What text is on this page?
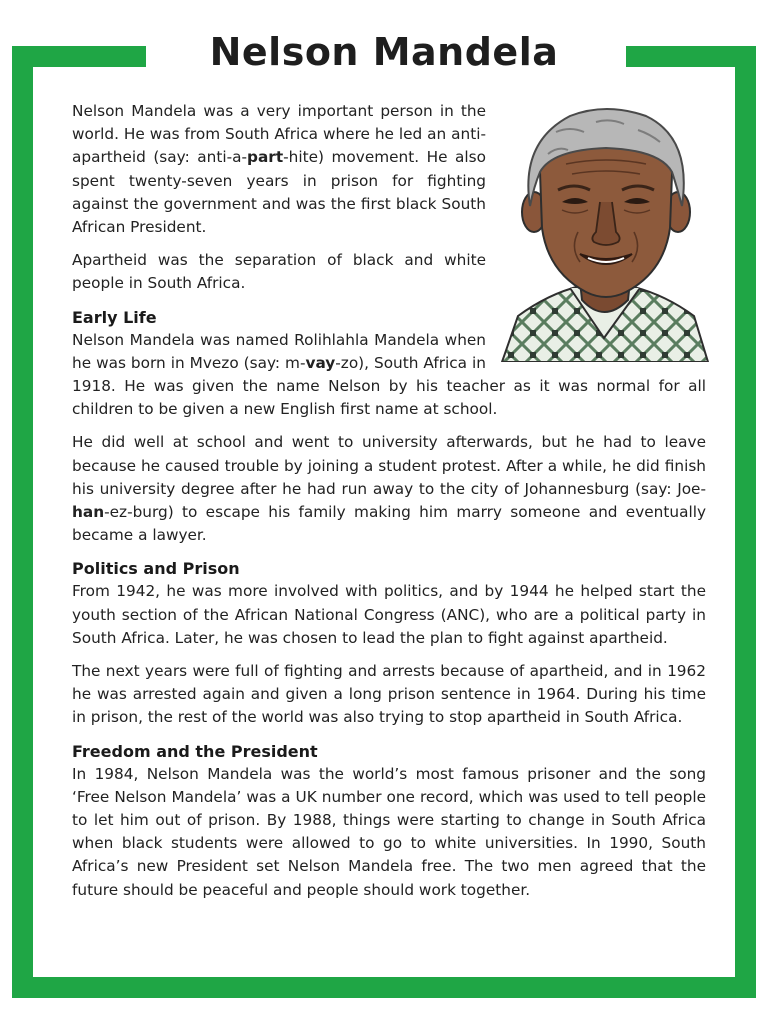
Nelson Mandela

Nelson Mandela was a very important person in the world. He was from South Africa where he led an anti-apartheid (say: anti-a-part-hite) movement. He also spent twenty-seven years in prison for fighting against the government and was the first black South African President.

Apartheid was the separation of black and white people in South Africa.

Early Life

Nelson Mandela was named Rolihlahla Mandela when he was born in Mvezo (say: m-vay-zo), South Africa in 1918. He was given the name Nelson by his teacher as it was normal for all children to be given a new English first name at school.

He did well at school and went to university afterwards, but he had to leave because he caused trouble by joining a student protest. After a while, he did finish his university degree after he had run away to the city of Johannesburg (say: Joe-han-ez-burg) to escape his family making him marry someone and eventually became a lawyer.

Politics and Prison

From 1942, he was more involved with politics, and by 1944 he helped start the youth section of the African National Congress (ANC), who are a political party in South Africa. Later, he was chosen to lead the plan to fight against apartheid.

The next years were full of fighting and arrests because of apartheid, and in 1962 he was arrested again and given a long prison sentence in 1964. During his time in prison, the rest of the world was also trying to stop apartheid in South Africa.

Freedom and the President

In 1984, Nelson Mandela was the world’s most famous prisoner and the song ‘Free Nelson Mandela’ was a UK number one record, which was used to tell people to let him out of prison. By 1988, things were starting to change in South Africa when black students were allowed to go to white universities. In 1990, South Africa’s new President set Nelson Mandela free. The two men agreed that the future should be peaceful and people should work together.
